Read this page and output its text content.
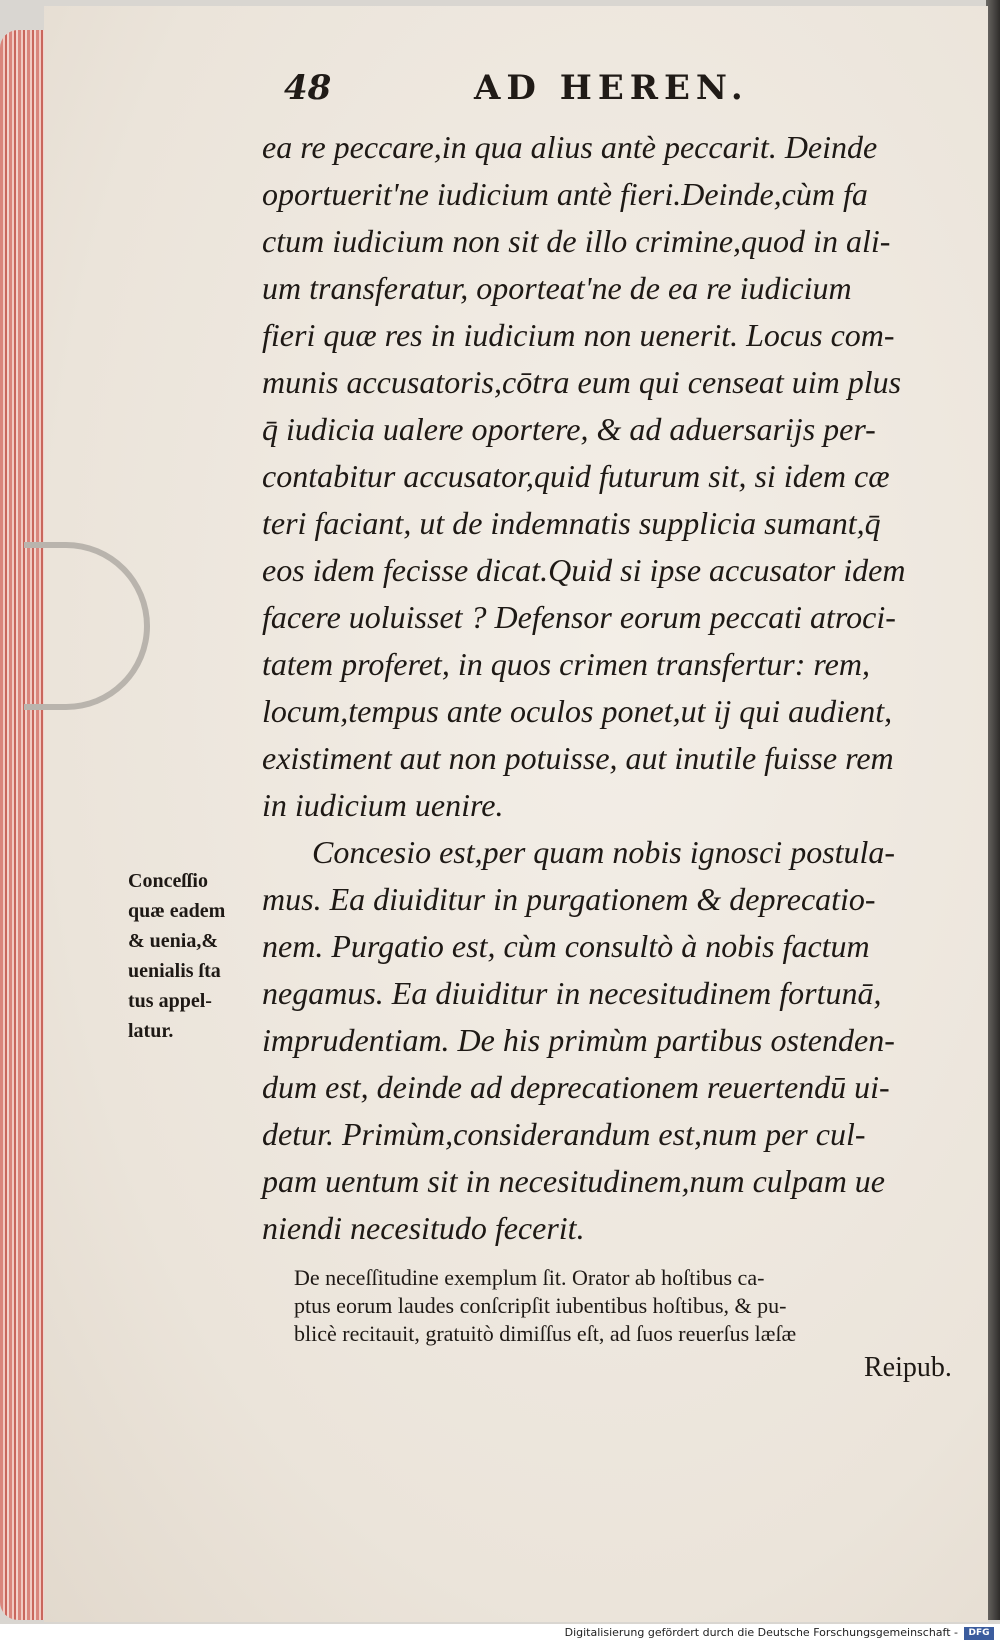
48	AD HEREN.
ea re peccare,in qua alius antè peccarit. Deinde
oportuerit'ne iudicium antè fieri.Deinde,cùm fa
ctum iudicium non sit de illo crimine,quod in ali-
um transferatur, oporteat'ne de ea re iudicium
fieri quæ res in iudicium non uenerit. Locus com-
munis accusatoris,cōtra eum qui censeat uim plus
q̄ iudicia ualere oportere, & ad aduersarijs per-
contabitur accusator,quid futurum sit, si idem cæ
teri faciant, ut de indemnatis supplicia sumant,q̄
eos idem fecisse dicat.Quid si ipse accusator idem
facere uoluisset ? Defensor eorum peccati atroci-
tatem proferet, in quos crimen transfertur: rem,
locum,tempus ante oculos ponet,ut ij qui audient,
existiment aut non potuisse, aut inutile fuisse rem
in iudicium uenire.
Concesio est,per quam nobis ignosci postula-
mus. Ea diuiditur in purgationem & deprecatio-
nem. Purgatio est, cùm consultò à nobis factum
negamus. Ea diuiditur in necesitudinem fortunā,
imprudentiam. De his primùm partibus ostenden-
dum est, deinde ad deprecationem reuertendū ui-
detur. Primùm,considerandum est,num per cul-
pam uentum sit in necesitudinem,num culpam ue
niendi necesitudo fecerit.
Conceſſio
quæ eadem
& uenia,&
uenialis ſta
tus appel-
latur.
De neceſſitudine exemplum ſit. Orator ab hoſtibus ca-
ptus eorum laudes conſcripſit iubentibus hoſtibus, & pu-
blicè recitauit, gratuitò dimiſſus eſt, ad ſuos reuerſus læſæ
Reipub.
Digitalisierung gefördert durch die Deutsche Forschungsgemeinschaft -	DFG
